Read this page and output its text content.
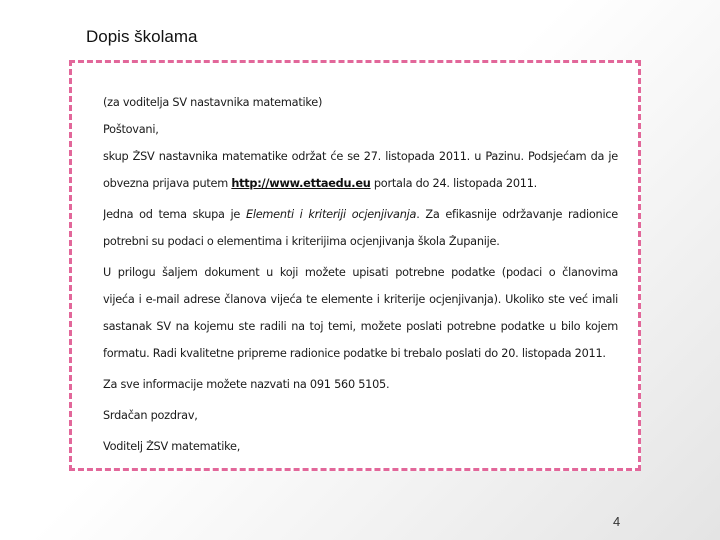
Dopis školama
(za voditelja SV nastavnika matematike)
Poštovani,
skup ŽSV nastavnika matematike održat će se 27. listopada 2011. u Pazinu. Podsjećam da je
obvezna prijava putem http://www.ettaedu.eu portala do 24. listopada 2011.
Jedna od tema skupa je Elementi i kriteriji ocjenjivanja. Za efikasnije održavanje radionice
potrebni su podaci o elementima i kriterijima ocjenjivanja škola Županije.
U prilogu šaljem dokument u koji možete upisati potrebne podatke (podaci o članovima
vijeća i e-mail adrese članova vijeća te elemente i kriterije ocjenjivanja). Ukoliko ste već imali
sastanak SV na kojemu ste radili na toj temi, možete poslati potrebne podatke u bilo kojem
formatu. Radi kvalitetne pripreme radionice podatke bi trebalo poslati do 20. listopada 2011.
Za sve informacije možete nazvati na 091 560 5105.
Srdačan pozdrav,
Voditelj ŽSV matematike,
4
